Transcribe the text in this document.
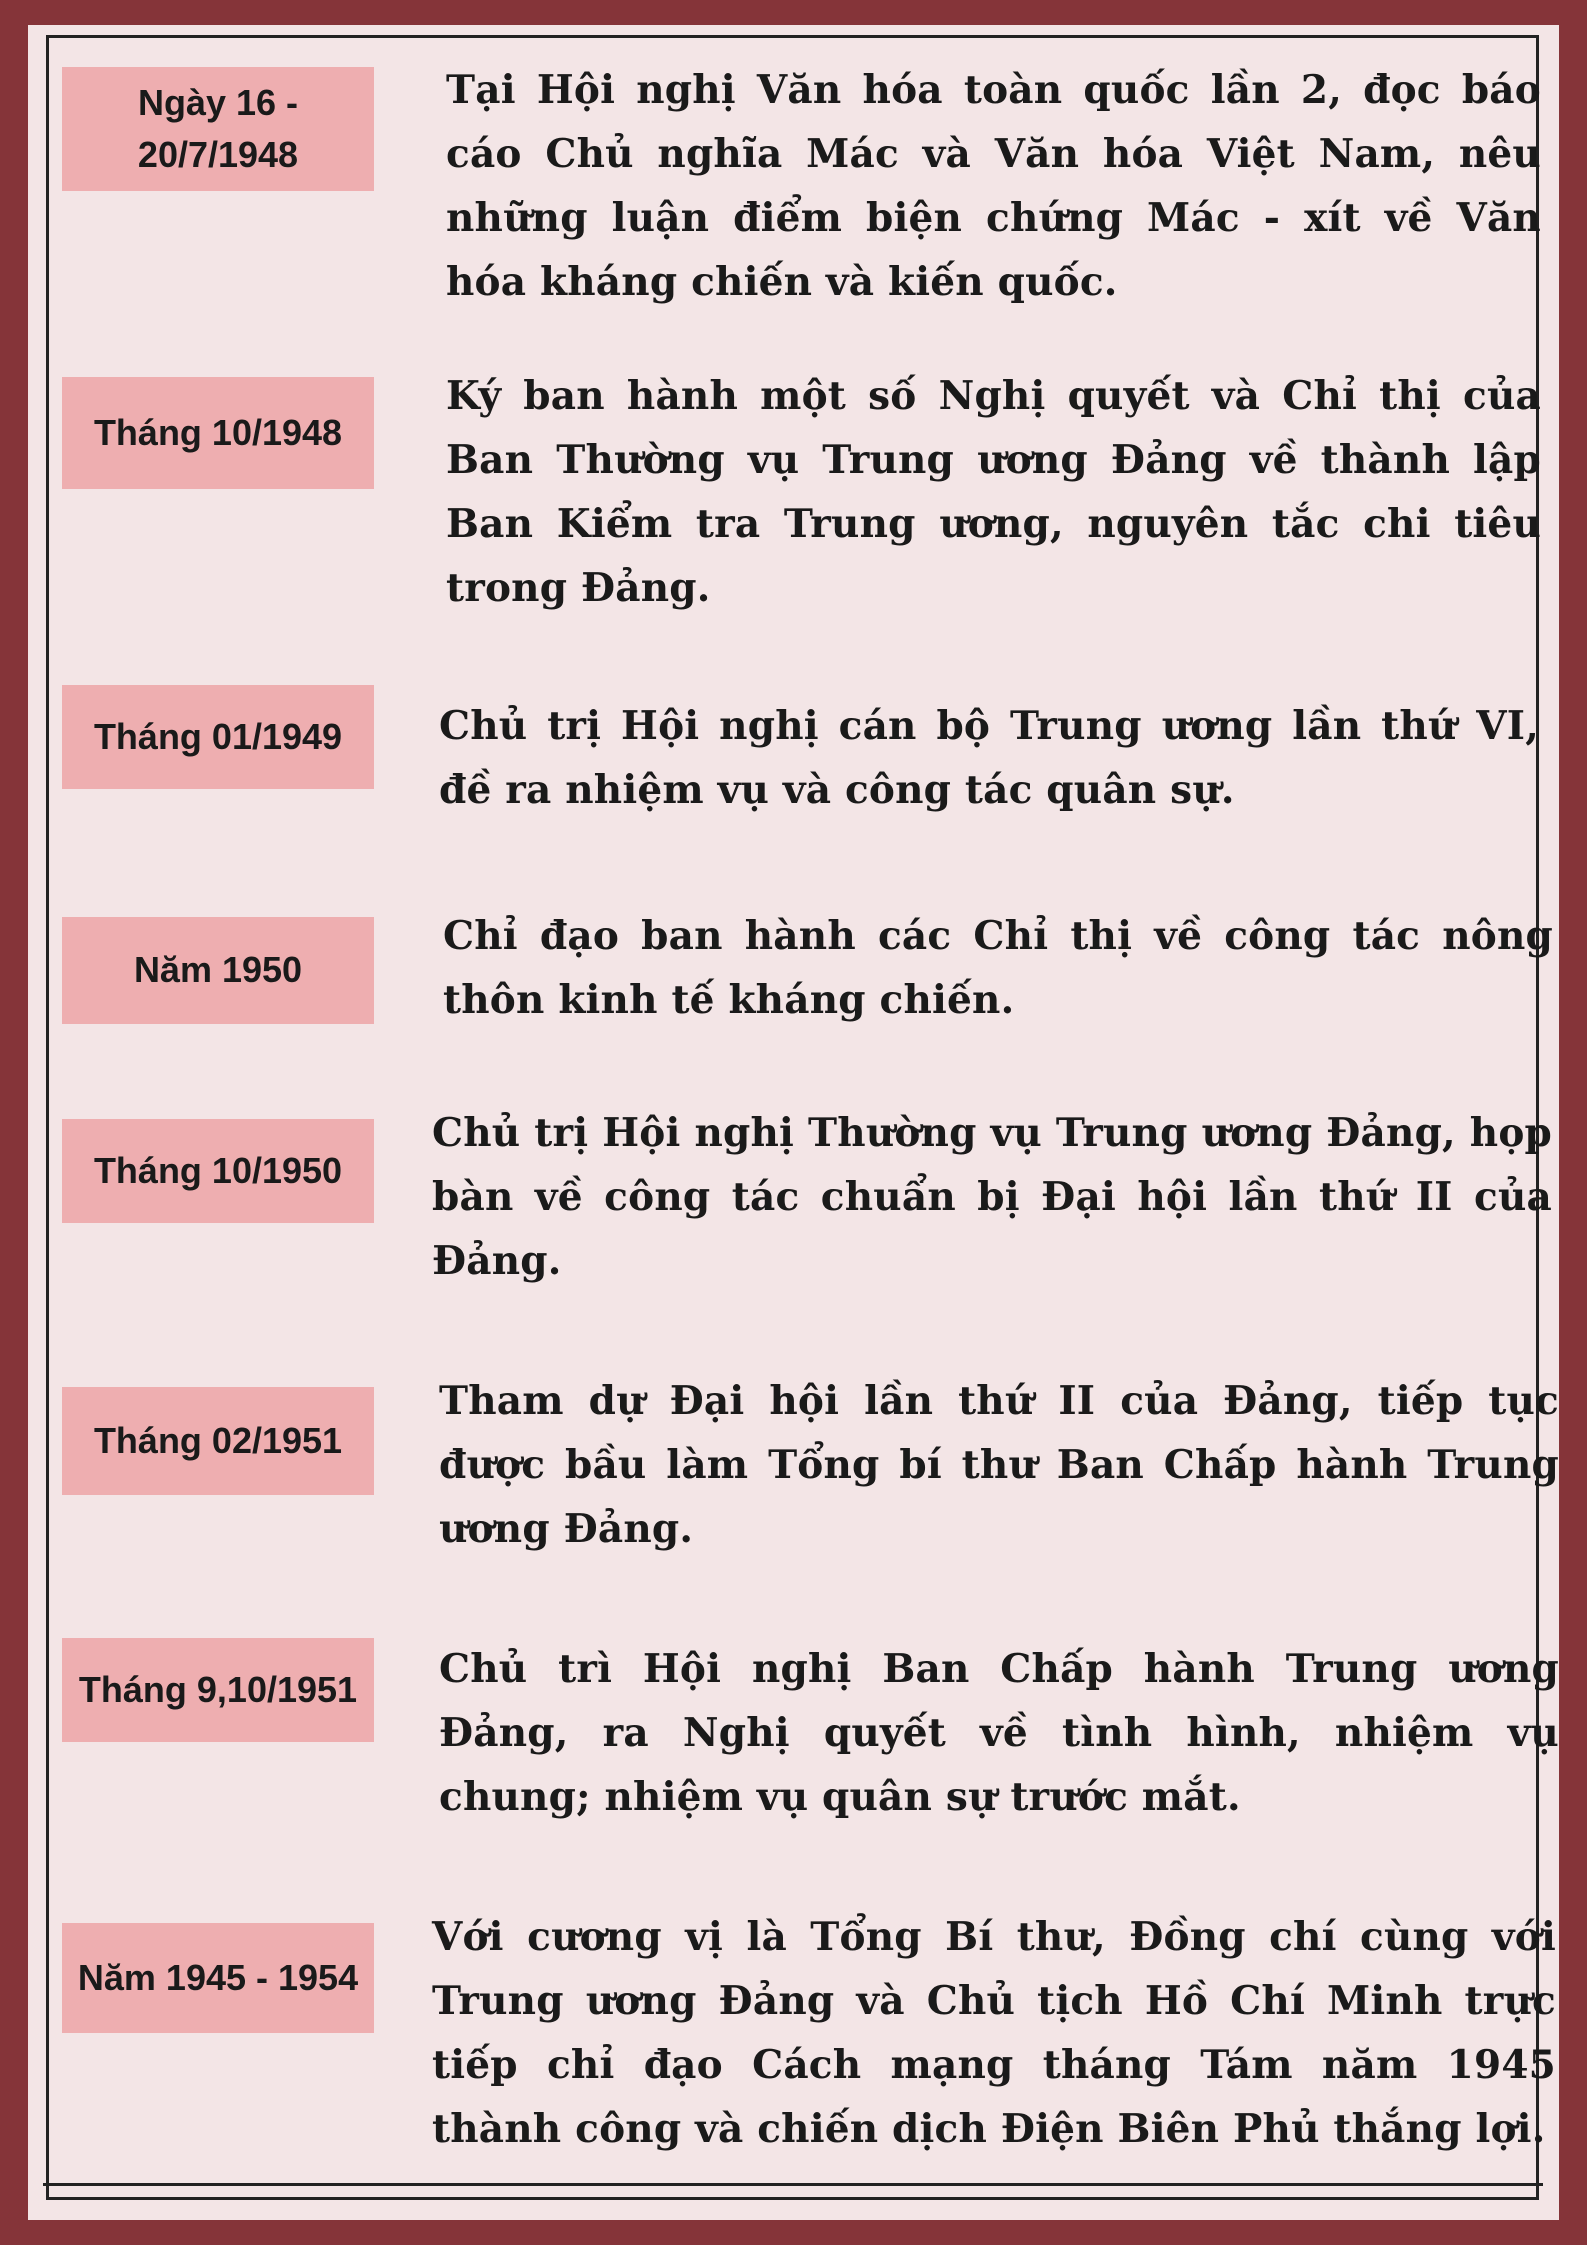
Ngày 16 -
20/7/1948
Tại Hội nghị Văn hóa toàn quốc lần 2, đọc báo cáo Chủ nghĩa Mác và Văn hóa Việt Nam, nêu những luận điểm biện chứng Mác - xít về Văn hóa kháng chiến và kiến quốc.
Tháng 10/1948
Ký ban hành một số Nghị quyết và Chỉ thị của Ban Thường vụ Trung ương Đảng về thành lập Ban Kiểm tra Trung ương, nguyên tắc chi tiêu trong Đảng.
Tháng 01/1949	Chủ trị Hội nghị cán bộ Trung ương lần thứ VI, đề ra nhiệm vụ và công tác quân sự.
Năm 1950
Chỉ đạo ban hành các Chỉ thị về công tác nông thôn kinh tế kháng chiến.
Tháng 10/1950
Chủ trị Hội nghị Thường vụ Trung ương Đảng, họp bàn về công tác chuẩn bị Đại hội lần thứ II của Đảng.
Tháng 02/1951
Tham dự Đại hội lần thứ II của Đảng, tiếp tục được bầu làm Tổng bí thư Ban Chấp hành Trung ương Đảng.
Tháng 9,10/1951	Chủ trì Hội nghị Ban Chấp hành Trung ương Đảng, ra Nghị quyết về tình hình, nhiệm vụ chung; nhiệm vụ quân sự trước mắt.
Năm 1945 - 1954
Với cương vị là Tổng Bí thư, Đồng chí cùng với Trung ương Đảng và Chủ tịch Hồ Chí Minh trực tiếp chỉ đạo Cách mạng tháng Tám năm 1945 thành công và chiến dịch Điện Biên Phủ thắng lợi.
